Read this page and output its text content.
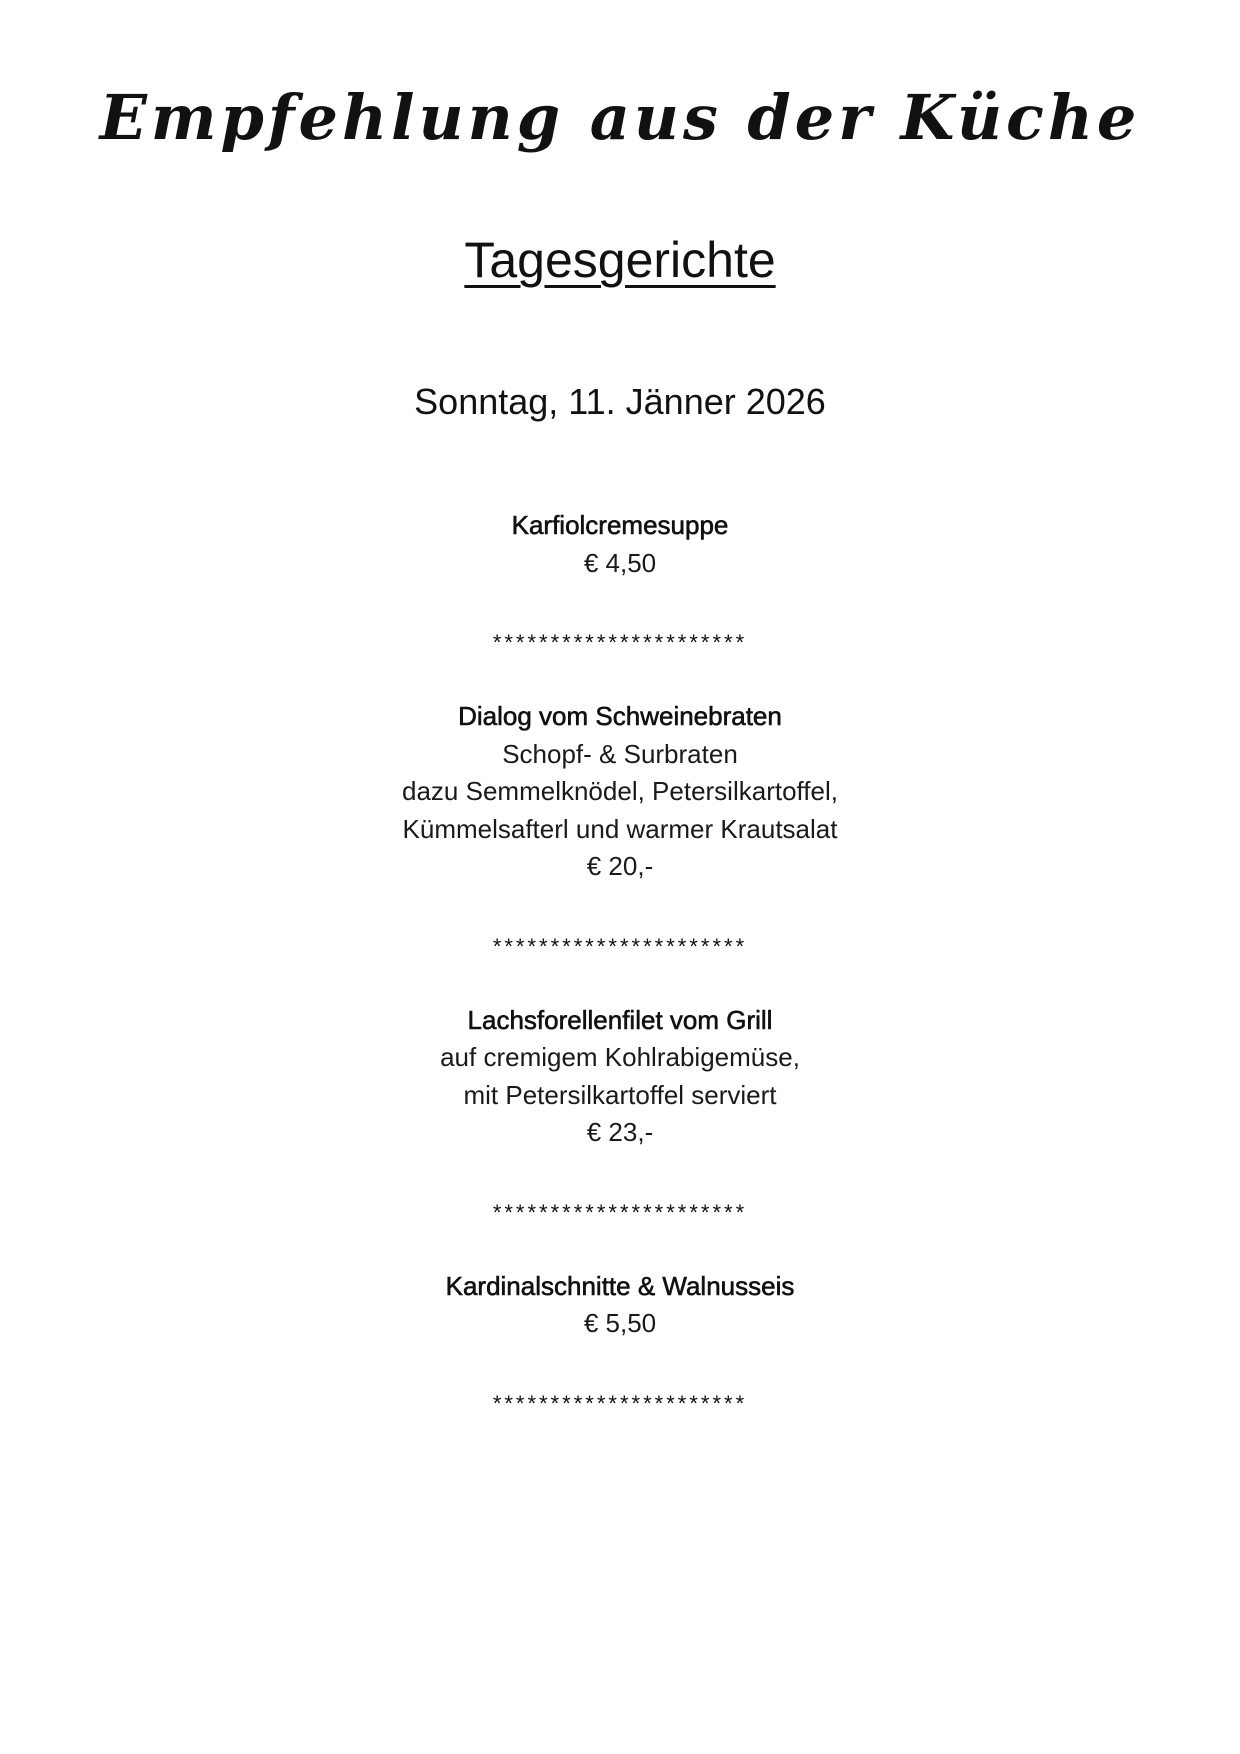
Empfehlung aus der Küche
Tagesgerichte
Sonntag, 11. Jänner 2026
Karfiolcremesuppe
€ 4,50
**********************
Dialog vom Schweinebraten
Schopf- & Surbraten
dazu Semmelknödel, Petersilkartoffel,
Kümmelsafterl und warmer Krautsalat
€ 20,-
**********************
Lachsforellenfilet vom Grill
auf cremigem Kohlrabigemüse,
mit Petersilkartoffel serviert
€ 23,-
**********************
Kardinalschnitte & Walnusseis
€ 5,50
**********************
